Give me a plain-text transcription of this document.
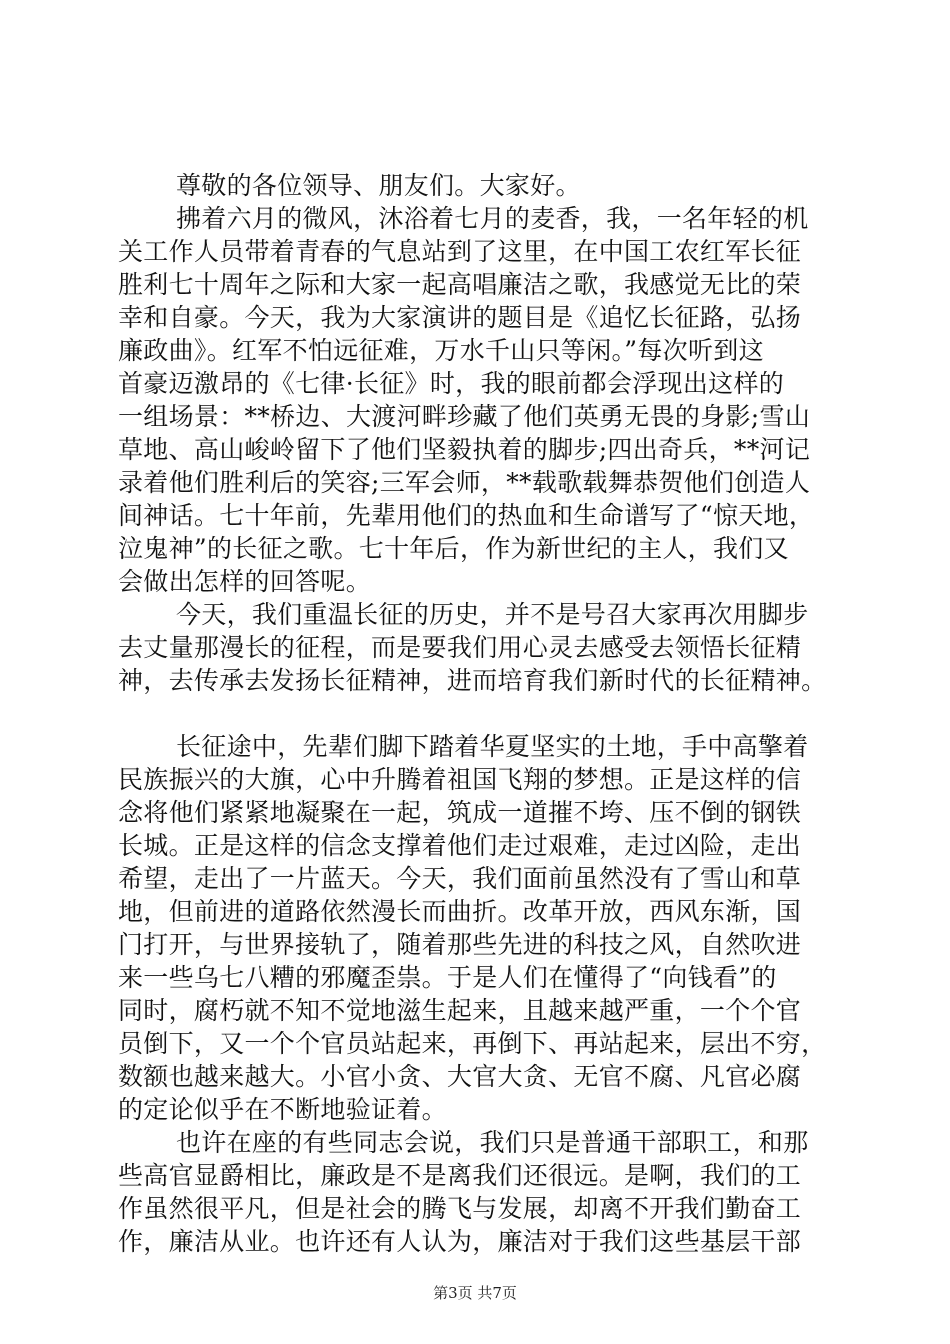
尊敬的各位领导、朋友们。大家好。
拂着六月的微风，沐浴着七月的麦香，我，一名年轻的机
关工作人员带着青春的气息站到了这里，在中国工农红军长征
胜利七十周年之际和大家一起高唱廉洁之歌，我感觉无比的荣
幸和自豪。今天，我为大家演讲的题目是《追忆长征路，弘扬
廉政曲》。红军不怕远征难，万水千山只等闲。”每次听到这
首豪迈激昂的《七律·长征》时，我的眼前都会浮现出这样的
一组场景：**桥边、大渡河畔珍藏了他们英勇无畏的身影;雪山
草地、高山峻岭留下了他们坚毅执着的脚步;四出奇兵，**河记
录着他们胜利后的笑容;三军会师，**载歌载舞恭贺他们创造人
间神话。七十年前，先辈用他们的热血和生命谱写了“惊天地，
泣鬼神”的长征之歌。七十年后，作为新世纪的主人，我们又
会做出怎样的回答呢。
今天，我们重温长征的历史，并不是号召大家再次用脚步
去丈量那漫长的征程，而是要我们用心灵去感受去领悟长征精
神，去传承去发扬长征精神，进而培育我们新时代的长征精神。
长征途中，先辈们脚下踏着华夏坚实的土地，手中高擎着
民族振兴的大旗，心中升腾着祖国飞翔的梦想。正是这样的信
念将他们紧紧地凝聚在一起，筑成一道摧不垮、压不倒的钢铁
长城。正是这样的信念支撑着他们走过艰难，走过凶险，走出
希望，走出了一片蓝天。今天，我们面前虽然没有了雪山和草
地，但前进的道路依然漫长而曲折。改革开放，西风东渐，国
门打开，与世界接轨了，随着那些先进的科技之风，自然吹进
来一些乌七八糟的邪魔歪祟。于是人们在懂得了“向钱看”的
同时，腐朽就不知不觉地滋生起来，且越来越严重，一个个官
员倒下，又一个个官员站起来，再倒下、再站起来，层出不穷，
数额也越来越大。小官小贪、大官大贪、无官不腐、凡官必腐
的定论似乎在不断地验证着。
也许在座的有些同志会说，我们只是普通干部职工，和那
些高官显爵相比，廉政是不是离我们还很远。是啊，我们的工
作虽然很平凡，但是社会的腾飞与发展，却离不开我们勤奋工
作，廉洁从业。也许还有人认为，廉洁对于我们这些基层干部
第3页 共7页
